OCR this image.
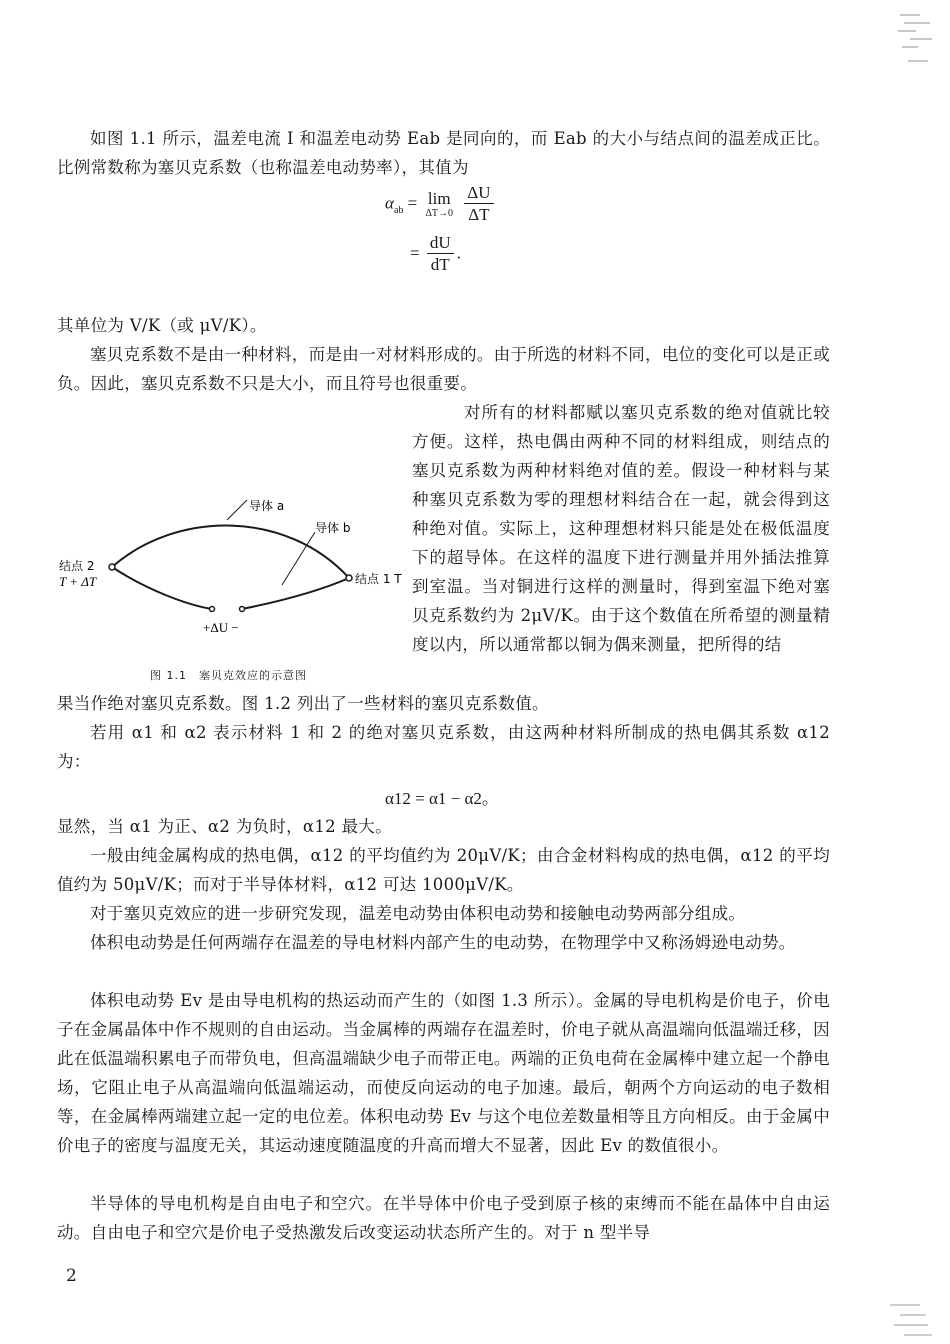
如图 1.1 所示，温差电流 I 和温差电动势 Eab 是同向的，而 Eab 的大小与结点间的温差成正比。比例常数称为塞贝克系数（也称温差电动势率），其值为

$\alpha_{ab} = \lim$
ΔT→0
$\frac{\Delta U}{\Delta T}$
= $\frac{dU}{dT}$ .

其单位为 V/K（或 μV/K）。

塞贝克系数不是由一种材料，而是由一对材料形成的。由于所选的材料不同，电位的变化可以是正或负。因此，塞贝克系数不只是大小，而且符号也很重要。

对所有的材料都赋以塞贝克系数的绝对值就比较方便。这样，热电偶由两种不同的材料组成，则结点的塞贝克系数为两种材料绝对值的差。假设一种材料与某种塞贝克系数为零的理想材料结合在一起，就会得到这种绝对值。实际上，这种理想材料只能是处在极低温度下的超导体。在这样的温度下进行测量并用外插法推算到室温。当对铜进行这样的测量时，得到室温下绝对塞贝克系数约为 2μV/K。由于这个数值在所希望的测量精度以内，所以通常都以铜为偶来测量，把所得的结

导体 a
导体 b
结点 2
T + ΔT	结点 1 T
+ΔU −
图 1.1　塞贝克效应的示意图

果当作绝对塞贝克系数。图 1.2 列出了一些材料的塞贝克系数值。

若用 α1 和 α2 表示材料 1 和 2 的绝对塞贝克系数，由这两种材料所制成的热电偶其系数 α12 为：

α12 = α1 − α2。

显然，当 α1 为正、α2 为负时，α12 最大。

一般由纯金属构成的热电偶，α12 的平均值约为 20μV/K；由合金材料构成的热电偶，α12 的平均值约为 50μV/K；而对于半导体材料，α12 可达 1000μV/K。

对于塞贝克效应的进一步研究发现，温差电动势由体积电动势和接触电动势两部分组成。

体积电动势是任何两端存在温差的导电材料内部产生的电动势，在物理学中又称汤姆逊电动势。

体积电动势 Ev 是由导电机构的热运动而产生的（如图 1.3 所示）。金属的导电机构是价电子，价电子在金属晶体中作不规则的自由运动。当金属棒的两端存在温差时，价电子就从高温端向低温端迁移，因此在低温端积累电子而带负电，但高温端缺少电子而带正电。两端的正负电荷在金属棒中建立起一个静电场，它阻止电子从高温端向低温端运动，而使反向运动的电子加速。最后，朝两个方向运动的电子数相等，在金属棒两端建立起一定的电位差。体积电动势 Ev 与这个电位差数量相等且方向相反。由于金属中价电子的密度与温度无关，其运动速度随温度的升高而增大不显著，因此 Ev 的数值很小。

半导体的导电机构是自由电子和空穴。在半导体中价电子受到原子核的束缚而不能在晶体中自由运动。自由电子和空穴是价电子受热激发后改变运动状态所产生的。对于 n 型半导

2
